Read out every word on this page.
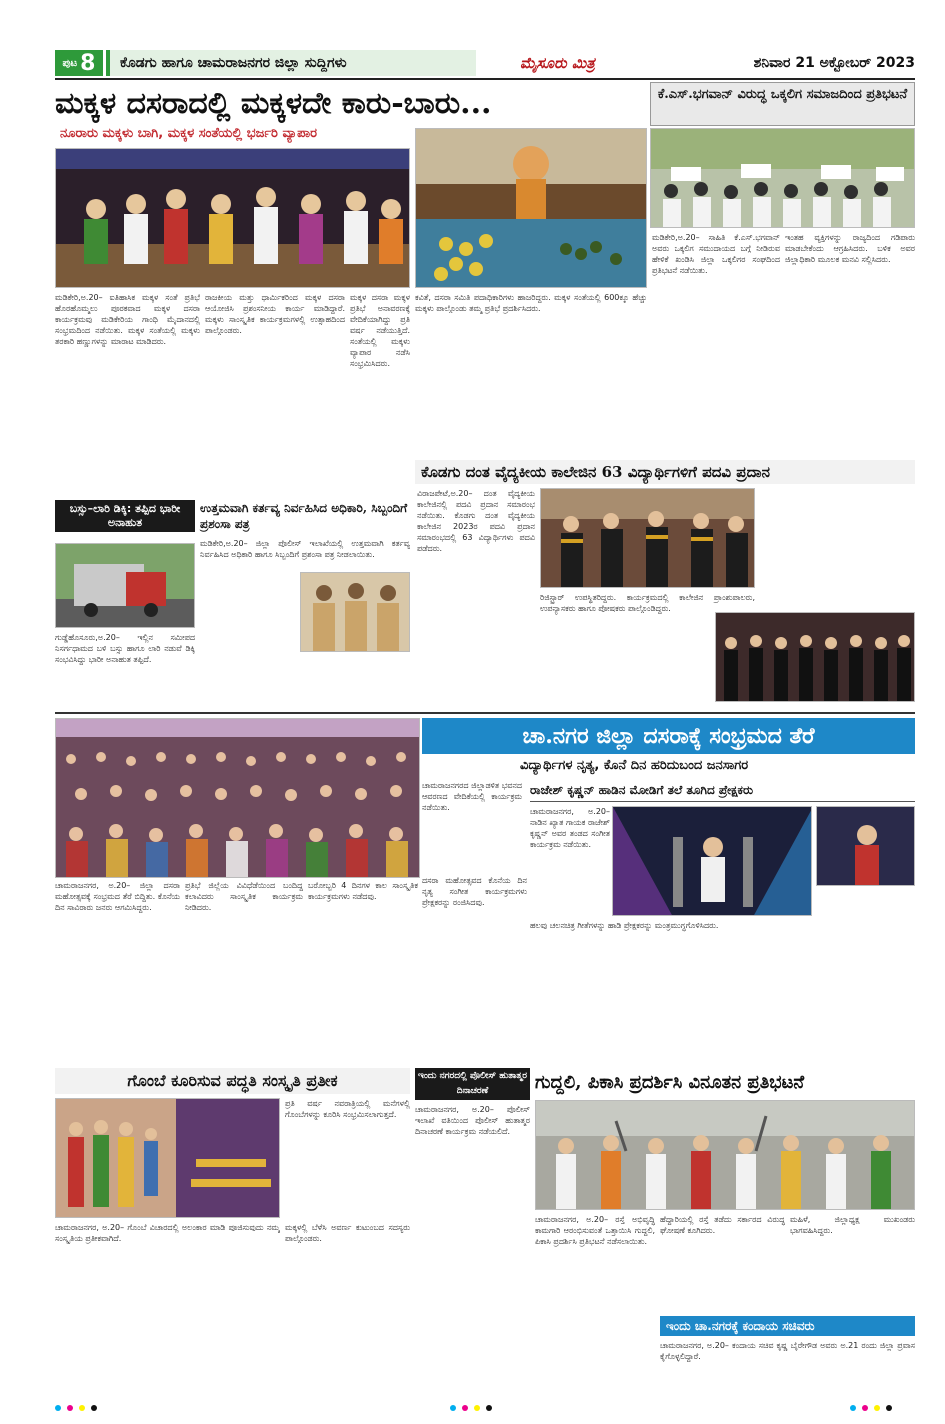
ಪುಟ 8	ಕೊಡಗು ಹಾಗೂ ಚಾಮರಾಜನಗರ ಜಿಲ್ಲಾ ಸುದ್ದಿಗಳು	ಮೈಸೂರು ಮಿತ್ರ	ಶನಿವಾರ 21 ಅಕ್ಟೋಬರ್ 2023
ಮಕ್ಕಳ ದಸರಾದಲ್ಲಿ ಮಕ್ಕಳದೇ ಕಾರು-ಬಾರು...
ನೂರಾರು ಮಕ್ಕಳು ಬಾಗಿ, ಮಕ್ಕಳ ಸಂತೆಯಲ್ಲಿ ಭರ್ಜರಿ ವ್ಯಾಪಾರ
ಮಡಿಕೇರಿ,ಅ.20– ಐತಿಹಾಸಿಕ ಮಕ್ಕಳ ಸಂತೆ ಪ್ರತಿಭೆ ಹೊರಹೊಮ್ಮಲು ಪೂರಕವಾದ ಮಕ್ಕಳ ದಸರಾ ಕಾರ್ಯಕ್ರಮವು ಮಡಿಕೇರಿಯ ಗಾಂಧಿ ಮೈದಾನದಲ್ಲಿ ಸಂಭ್ರಮದಿಂದ ನಡೆಯಿತು. ಮಕ್ಕಳ ಸಂತೆಯಲ್ಲಿ ಮಕ್ಕಳು ತರಕಾರಿ ಹಣ್ಣುಗಳನ್ನು ಮಾರಾಟ ಮಾಡಿದರು.
ರಾಜಕೀಯ ಮತ್ತು ಧಾರ್ಮಿಕರಿಂದ ಮಕ್ಕಳ ದಸರಾ ಆಯೋಜಿಸಿ ಪ್ರಶಂಸನೀಯ ಕಾರ್ಯ ಮಾಡಿದ್ದಾರೆ. ಮಕ್ಕಳು ಸಾಂಸ್ಕೃತಿಕ ಕಾರ್ಯಕ್ರಮಗಳಲ್ಲಿ ಉತ್ಸಾಹದಿಂದ ಪಾಲ್ಗೊಂಡರು.
ಮಕ್ಕಳ ದಸರಾ ಮಕ್ಕಳ ಪ್ರತಿಭೆ ಅನಾವರಣಕ್ಕೆ ವೇದಿಕೆಯಾಗಿದ್ದು ಪ್ರತಿ ವರ್ಷ ನಡೆಯುತ್ತಿದೆ. ಸಂತೆಯಲ್ಲಿ ಮಕ್ಕಳು ವ್ಯಾಪಾರ ನಡೆಸಿ ಸಂಭ್ರಮಿಸಿದರು.
ಕವಿತೆ, ದಸರಾ ಸಮಿತಿ ಪದಾಧಿಕಾರಿಗಳು ಹಾಜರಿದ್ದರು. ಮಕ್ಕಳ ಸಂತೆಯಲ್ಲಿ 600ಕ್ಕೂ ಹೆಚ್ಚು ಮಕ್ಕಳು ಪಾಲ್ಗೊಂಡು ತಮ್ಮ ಪ್ರತಿಭೆ ಪ್ರದರ್ಶಿಸಿದರು.
ಕೆ.ಎಸ್.ಭಗವಾನ್ ವಿರುದ್ಧ ಒಕ್ಕಲಿಗ ಸಮಾಜದಿಂದ ಪ್ರತಿಭಟನೆ
ಮಡಿಕೇರಿ,ಅ.20– ಸಾಹಿತಿ ಕೆ.ಎಸ್.ಭಗವಾನ್ ಅವರು ಒಕ್ಕಲಿಗ ಸಮುದಾಯದ ಬಗ್ಗೆ ನೀಡಿರುವ ಹೇಳಿಕೆ ಖಂಡಿಸಿ ಜಿಲ್ಲಾ ಒಕ್ಕಲಿಗರ ಸಂಘದಿಂದ ಪ್ರತಿಭಟನೆ ನಡೆಯಿತು.
ಇಂತಹ ವ್ಯಕ್ತಿಗಳನ್ನು ರಾಜ್ಯದಿಂದ ಗಡಿಪಾರು ಮಾಡಬೇಕೆಂದು ಆಗ್ರಹಿಸಿದರು. ಬಳಿಕ ಅವರ ಜಿಲ್ಲಾಧಿಕಾರಿ ಮೂಲಕ ಮನವಿ ಸಲ್ಲಿಸಿದರು.
ಕೊಡಗು ದಂತ ವೈದ್ಯಕೀಯ ಕಾಲೇಜಿನ 63 ವಿದ್ಯಾರ್ಥಿಗಳಿಗೆ ಪದವಿ ಪ್ರದಾನ
ವಿರಾಜಪೇಟೆ,ಅ.20– ದಂತ ವೈದ್ಯಕೀಯ ಕಾಲೇಜಿನಲ್ಲಿ ಪದವಿ ಪ್ರದಾನ ಸಮಾರಂಭ ನಡೆಯಿತು. ಕೊಡಗು ದಂತ ವೈದ್ಯಕೀಯ ಕಾಲೇಜಿನ 2023ರ ಪದವಿ ಪ್ರದಾನ ಸಮಾರಂಭದಲ್ಲಿ 63 ವಿದ್ಯಾರ್ಥಿಗಳು ಪದವಿ ಪಡೆದರು.
ರಿಜಿಸ್ಟ್ರಾರ್ ಉಪಸ್ಥಿತರಿದ್ದರು. ಕಾರ್ಯಕ್ರಮದಲ್ಲಿ ಕಾಲೇಜಿನ ಪ್ರಾಂಶುಪಾಲರು, ಉಪನ್ಯಾಸಕರು ಹಾಗೂ ಪೋಷಕರು ಪಾಲ್ಗೊಂಡಿದ್ದರು.
ಬಸ್ಸು–ಲಾರಿ ಡಿಕ್ಕಿ: ತಪ್ಪಿದ ಭಾರೀ ಅನಾಹುತ
ಗುಡ್ಡೆಹೊಸೂರು,ಅ.20– ಇಲ್ಲಿನ ಸಮೀಪದ ನಿಸರ್ಗಧಾಮದ ಬಳಿ ಬಸ್ಸು ಹಾಗೂ ಲಾರಿ ನಡುವೆ ಡಿಕ್ಕಿ ಸಂಭವಿಸಿದ್ದು ಭಾರೀ ಅನಾಹುತ ತಪ್ಪಿದೆ.
ಉತ್ತಮವಾಗಿ ಕರ್ತವ್ಯ ನಿರ್ವಹಿಸಿದ ಅಧಿಕಾರಿ, ಸಿಬ್ಬಂದಿಗೆ ಪ್ರಶಂಸಾ ಪತ್ರ
ಮಡಿಕೇರಿ,ಅ.20– ಜಿಲ್ಲಾ ಪೊಲೀಸ್ ಇಲಾಖೆಯಲ್ಲಿ ಉತ್ತಮವಾಗಿ ಕರ್ತವ್ಯ ನಿರ್ವಹಿಸಿದ ಅಧಿಕಾರಿ ಹಾಗೂ ಸಿಬ್ಬಂದಿಗೆ ಪ್ರಶಂಸಾ ಪತ್ರ ನೀಡಲಾಯಿತು.
ಚಾ.ನಗರ ಜಿಲ್ಲಾ ದಸರಾಕ್ಕೆ ಸಂಭ್ರಮದ ತೆರೆ
ವಿದ್ಯಾರ್ಥಿಗಳ ನೃತ್ಯ, ಕೊನೆ ದಿನ ಹರಿದುಬಂದ ಜನಸಾಗರ
ಚಾಮರಾಜನಗರದ ಜಿಲ್ಲಾಡಳಿತ ಭವನದ ಆವರಣದ ವೇದಿಕೆಯಲ್ಲಿ ಕಾರ್ಯಕ್ರಮ ನಡೆಯಿತು.
ಚಾಮರಾಜನಗರ, ಅ.20– ಜಿಲ್ಲಾ ದಸರಾ ಮಹೋತ್ಸವಕ್ಕೆ ಸಂಭ್ರಮದ ತೆರೆ ಬಿದ್ದಿತು. ಕೊನೆಯ ದಿನ ಸಾವಿರಾರು ಜನರು ಆಗಮಿಸಿದ್ದರು.
ಪ್ರತಿಭೆ ಜಿಲ್ಲೆಯ ವಿವಿಧೆಡೆಯಿಂದ ಬಂದಿದ್ದ ಕಲಾವಿದರು ಸಾಂಸ್ಕೃತಿಕ ಕಾರ್ಯಕ್ರಮ ನೀಡಿದರು.
ಬರೋಬ್ಬರಿ 4 ದಿನಗಳ ಕಾಲ ಸಾಂಸ್ಕೃತಿಕ ಕಾರ್ಯಕ್ರಮಗಳು ನಡೆದವು.
ದಸರಾ ಮಹೋತ್ಸವದ ಕೊನೆಯ ದಿನ ನೃತ್ಯ ಸಂಗೀತ ಕಾರ್ಯಕ್ರಮಗಳು ಪ್ರೇಕ್ಷಕರನ್ನು ರಂಜಿಸಿದವು.
ರಾಜೇಶ್ ಕೃಷ್ಣನ್ ಹಾಡಿನ ಮೋಡಿಗೆ ತಲೆ ತೂಗಿದ ಪ್ರೇಕ್ಷಕರು
ಚಾಮರಾಜನಗರ, ಅ.20– ನಾಡಿನ ಖ್ಯಾತ ಗಾಯಕ ರಾಜೇಶ್ ಕೃಷ್ಣನ್ ಅವರ ತಂಡದ ಸಂಗೀತ ಕಾರ್ಯಕ್ರಮ ನಡೆಯಿತು.
ಹಲವು ಚಲನಚಿತ್ರ ಗೀತೆಗಳನ್ನು ಹಾಡಿ ಪ್ರೇಕ್ಷಕರನ್ನು ಮಂತ್ರಮುಗ್ಧಗೊಳಿಸಿದರು.
ಗೊಂಬೆ ಕೂರಿಸುವ ಪದ್ಧತಿ ಸಂಸ್ಕೃತಿ ಪ್ರತೀಕ
ಪ್ರತಿ ವರ್ಷ ನವರಾತ್ರಿಯಲ್ಲಿ ಮನೆಗಳಲ್ಲಿ ಗೊಂಬೆಗಳನ್ನು ಕೂರಿಸಿ ಸಂಭ್ರಮಿಸಲಾಗುತ್ತದೆ.
ಚಾಮರಾಜನಗರ, ಅ.20– ಗೊಂಬೆ ವಿಚಾರದಲ್ಲಿ ಅಲಂಕಾರ ಮಾಡಿ ಪೂಜಿಸುವುದು ನಮ್ಮ ಸಂಸ್ಕೃತಿಯ ಪ್ರತೀಕವಾಗಿದೆ.
ಮಕ್ಕಳಲ್ಲಿ ಬೆಳೆಸಿ ಅವರ್ಣ ಕುಟುಂಬದ ಸದಸ್ಯರು ಪಾಲ್ಗೊಂಡರು.
ಇಂದು ನಗರದಲ್ಲಿ ಪೊಲೀಸ್ ಹುತಾತ್ಮರ ದಿನಾಚರಣೆ
ಚಾಮರಾಜನಗರ, ಅ.20– ಪೊಲೀಸ್ ಇಲಾಖೆ ವತಿಯಿಂದ ಪೊಲೀಸ್ ಹುತಾತ್ಮರ ದಿನಾಚರಣೆ ಕಾರ್ಯಕ್ರಮ ನಡೆಯಲಿದೆ.
ಗುದ್ದಲಿ, ಪಿಕಾಸಿ ಪ್ರದರ್ಶಿಸಿ ವಿನೂತನ ಪ್ರತಿಭಟನೆ
ಚಾಮರಾಜನಗರ, ಅ.20– ರಸ್ತೆ ಅಭಿವೃದ್ಧಿ ಕಾಮಗಾರಿ ಆರಂಭಿಸುವಂತೆ ಒತ್ತಾಯಿಸಿ ಗುದ್ದಲಿ, ಪಿಕಾಸಿ ಪ್ರದರ್ಶಿಸಿ ಪ್ರತಿಭಟನೆ ನಡೆಸಲಾಯಿತು.
ಹೆದ್ದಾರಿಯಲ್ಲಿ ರಸ್ತೆ ತಡೆದು ಸರ್ಕಾರದ ವಿರುದ್ಧ ಘೋಷಣೆ ಕೂಗಿದರು.
ಮಹಿಳೆ, ಜಿಲ್ಲಾಧ್ಯಕ್ಷ ಮುಖಂಡರು ಭಾಗವಹಿಸಿದ್ದರು.
ಇಂದು ಚಾ.ನಗರಕ್ಕೆ ಕಂದಾಯ ಸಚಿವರು
ಚಾಮರಾಜನಗರ, ಅ.20– ಕಂದಾಯ ಸಚಿವ ಕೃಷ್ಣ ಬೈರೇಗೌಡ ಅವರು ಅ.21 ರಂದು ಜಿಲ್ಲಾ ಪ್ರವಾಸ ಕೈಗೊಳ್ಳಲಿದ್ದಾರೆ.
